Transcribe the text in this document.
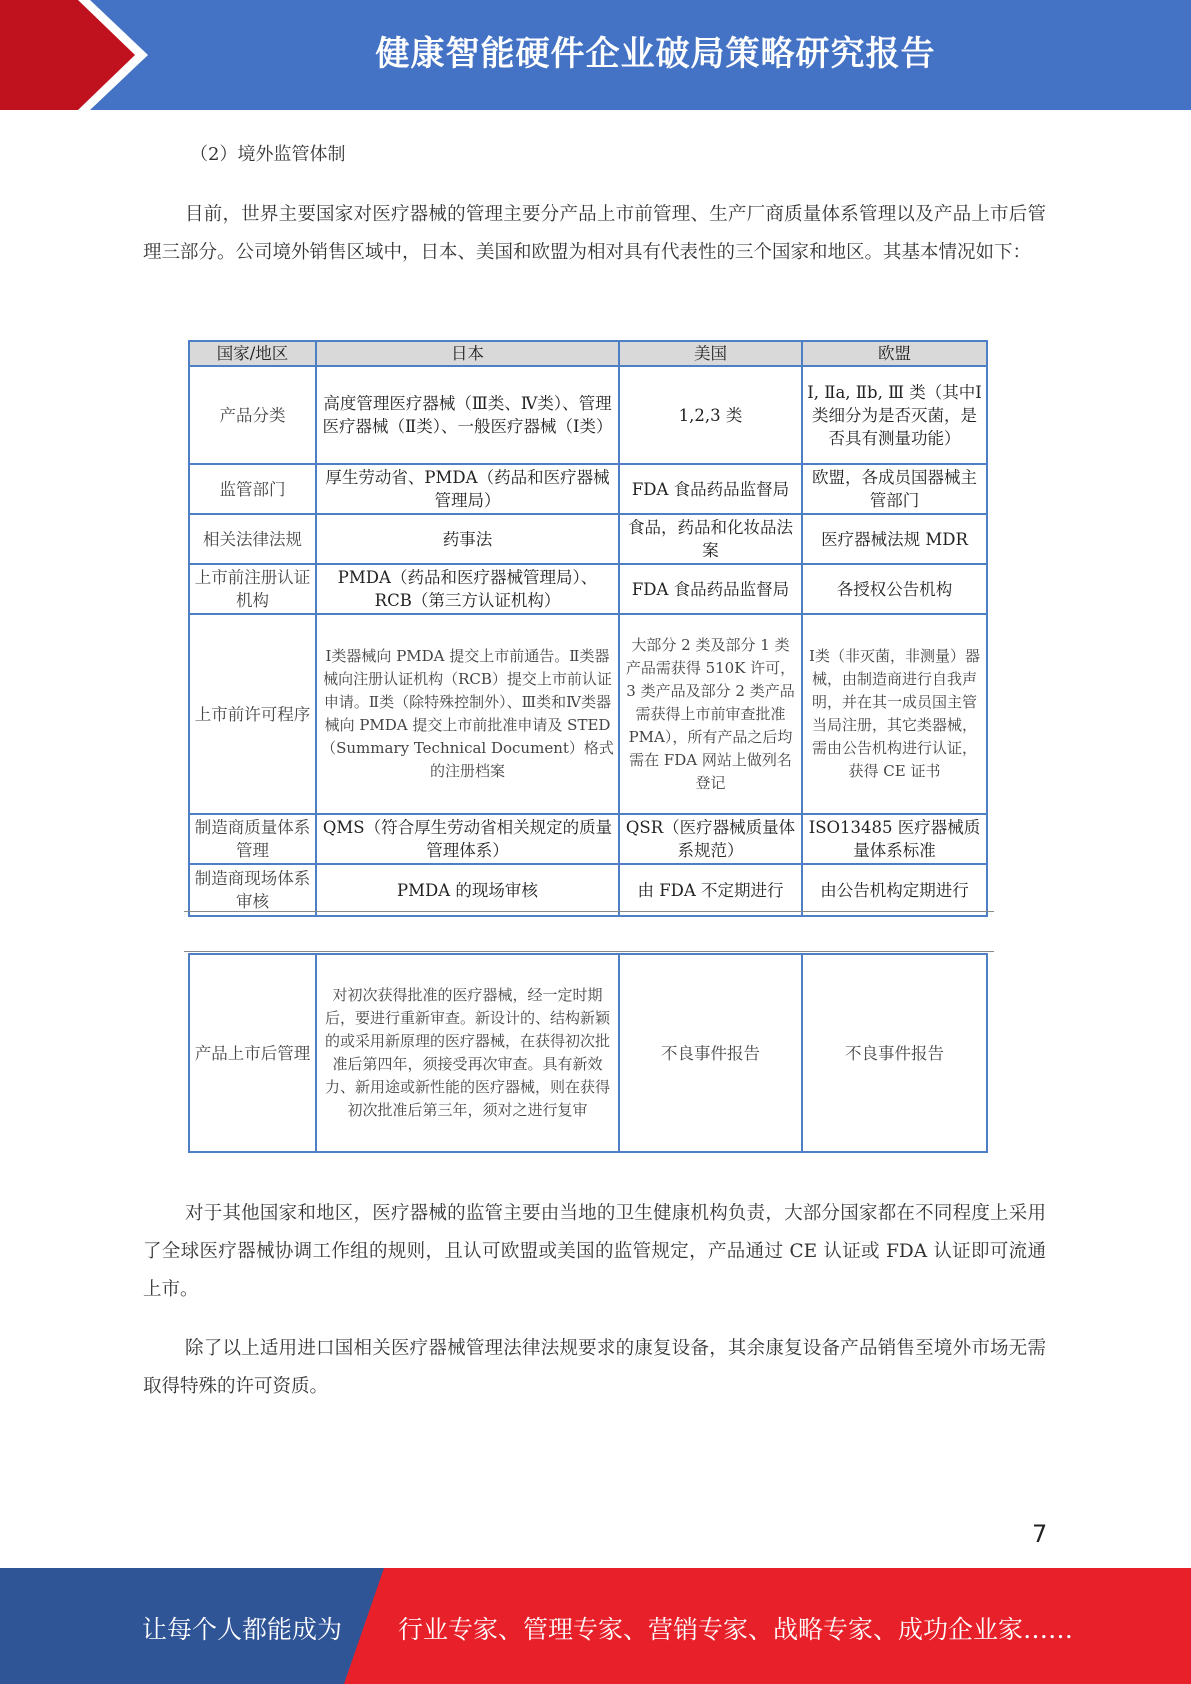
健康智能硬件企业破局策略研究报告
（2）境外监管体制
目前，世界主要国家对医疗器械的管理主要分产品上市前管理、生产厂商质量体系管理以及产品上市后管理三部分。公司境外销售区域中，日本、美国和欧盟为相对具有代表性的三个国家和地区。其基本情况如下：
国家/地区	日本	美国	欧盟
产品分类	高度管理医疗器械（Ⅲ类、Ⅳ类）、管理医疗器械（Ⅱ类）、一般医疗器械（Ⅰ类）	1,2,3 类	Ⅰ, Ⅱa, Ⅱb, Ⅲ 类（其中Ⅰ类细分为是否灭菌，是否具有测量功能）
监管部门	厚生劳动省、PMDA（药品和医疗器械管理局）	FDA 食品药品监督局	欧盟，各成员国器械主管部门
相关法律法规	药事法	食品，药品和化妆品法案	医疗器械法规 MDR
上市前注册认证机构	PMDA（药品和医疗器械管理局）、RCB（第三方认证机构）	FDA 食品药品监督局	各授权公告机构
上市前许可程序	Ⅰ类器械向 PMDA 提交上市前通告。Ⅱ类器械向注册认证机构（RCB）提交上市前认证申请。Ⅱ类（除特殊控制外）、Ⅲ类和Ⅳ类器械向 PMDA 提交上市前批准申请及 STED（Summary Technical Document）格式的注册档案	大部分 2 类及部分 1 类产品需获得 510K 许可，3 类产品及部分 2 类产品需获得上市前审查批准 PMA），所有产品之后均需在 FDA 网站上做列名登记	Ⅰ类（非灭菌，非测量）器械，由制造商进行自我声明，并在其一成员国主管当局注册，其它类器械，需由公告机构进行认证，获得 CE 证书
制造商质量体系管理	QMS（符合厚生劳动省相关规定的质量管理体系）	QSR（医疗器械质量体系规范）	ISO13485 医疗器械质量体系标准
制造商现场体系审核	PMDA 的现场审核	由 FDA 不定期进行	由公告机构定期进行
产品上市后管理	对初次获得批准的医疗器械，经一定时期后，要进行重新审查。新设计的、结构新颖的或采用新原理的医疗器械，在获得初次批准后第四年，须接受再次审查。具有新效力、新用途或新性能的医疗器械，则在获得初次批准后第三年，须对之进行复审	不良事件报告	不良事件报告
对于其他国家和地区，医疗器械的监管主要由当地的卫生健康机构负责，大部分国家都在不同程度上采用了全球医疗器械协调工作组的规则，且认可欧盟或美国的监管规定，产品通过 CE 认证或 FDA 认证即可流通上市。
除了以上适用进口国相关医疗器械管理法律法规要求的康复设备，其余康复设备产品销售至境外市场无需取得特殊的许可资质。
7
让每个人都能成为 行业专家、管理专家、营销专家、战略专家、成功企业家……
